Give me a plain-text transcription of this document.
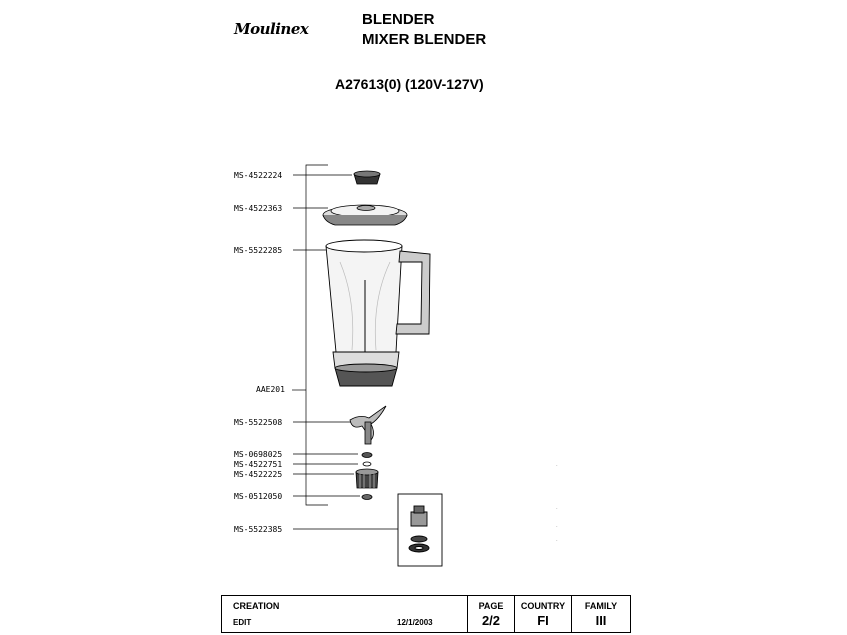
Moulinex
BLENDER
MIXER BLENDER
A27613(0) (120V-127V)
MS-4522224
MS-4522363
MS-5522285
AAE201
MS-5522508
MS-0698025
MS-4522751
MS-4522225
MS-0512050
MS-5522385
.
.
.
.
CREATION
EDIT	12/1/2003
PAGE
2/2
COUNTRY
FI
FAMILY
III
